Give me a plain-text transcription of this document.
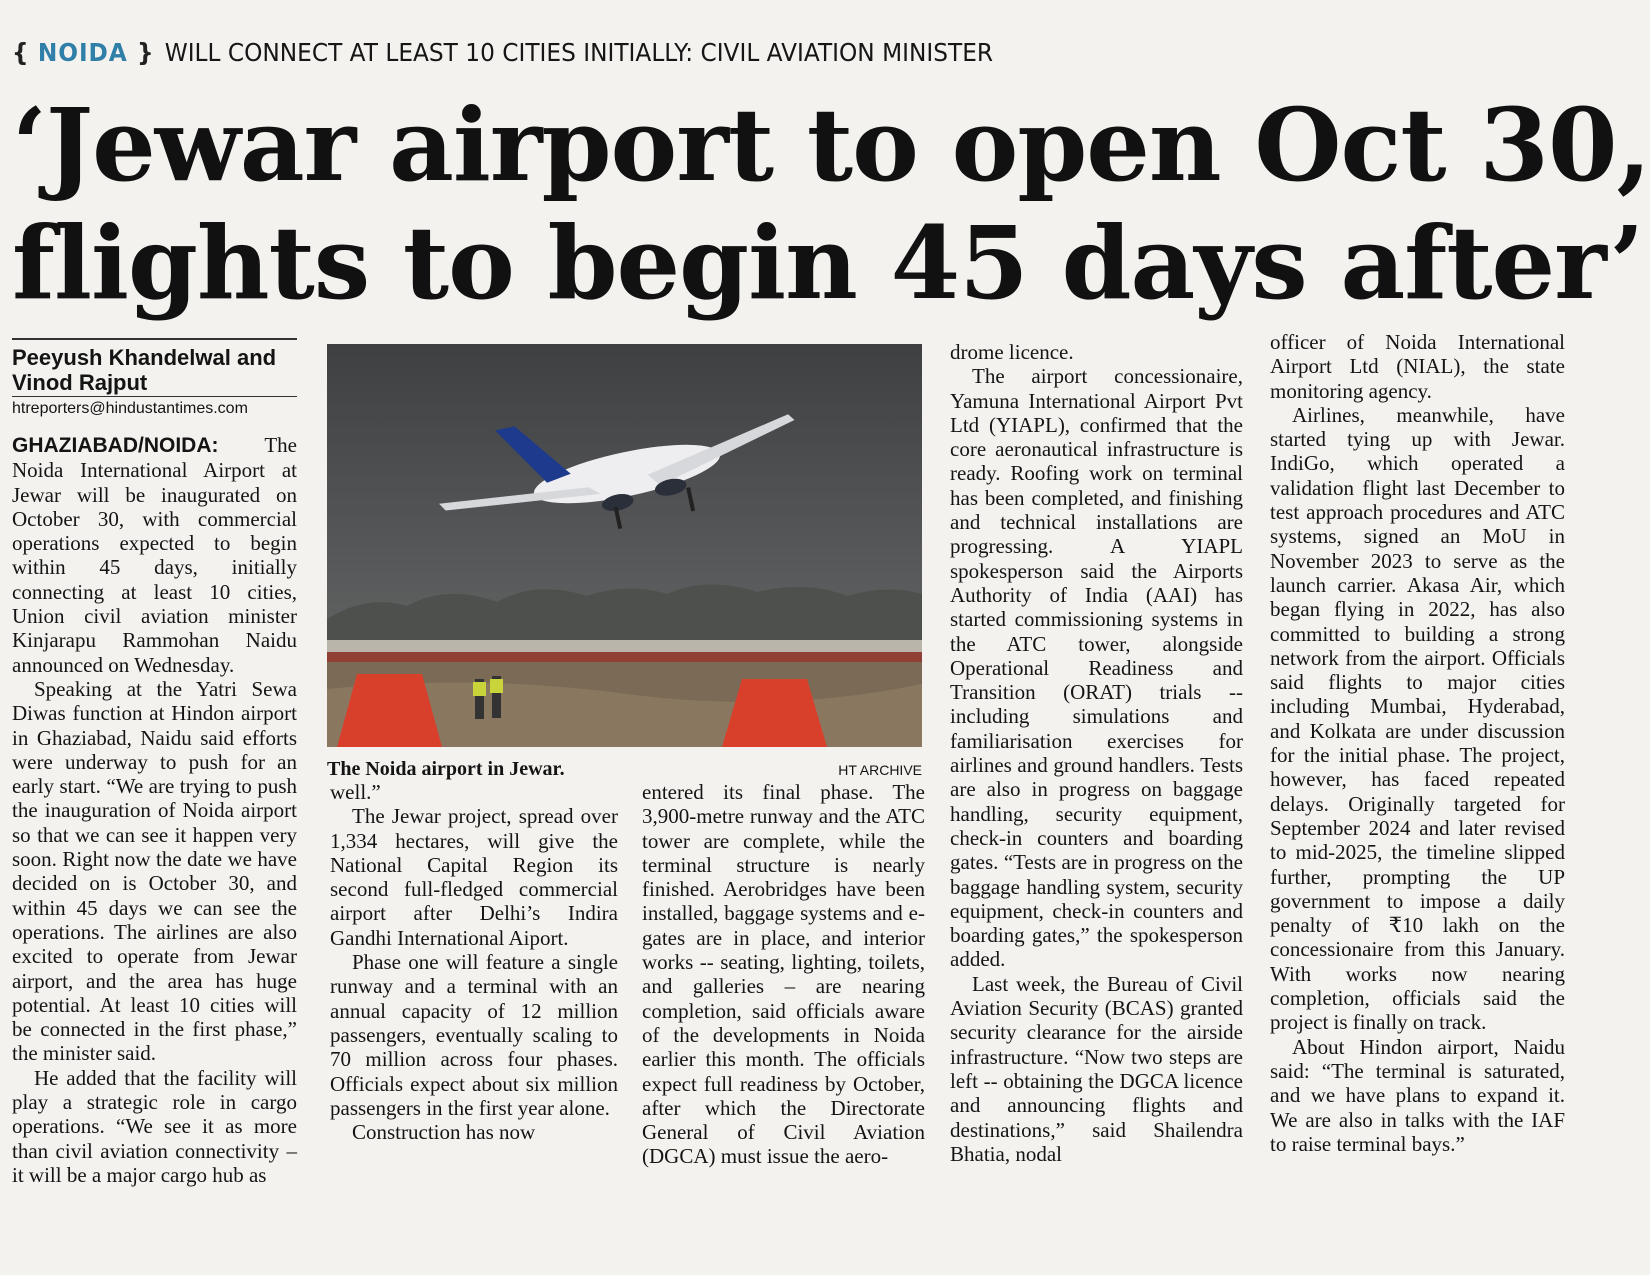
{ NOIDA } WILL CONNECT AT LEAST 10 CITIES INITIALLY: CIVIL AVIATION MINISTER
‘Jewar airport to open Oct 30,
flights to begin 45 days after’
Peeyush Khandelwal and Vinod Rajput
htreporters@hindustantimes.com

GHAZIABAD/NOIDA: The Noida International Airport at Jewar will be inaugurated on October 30, with commercial operations expected to begin within 45 days, initially connecting at least 10 cities, Union civil aviation minister Kinjarapu Rammohan Naidu announced on Wednesday.

Speaking at the Yatri Sewa Diwas function at Hindon airport in Ghaziabad, Naidu said efforts were underway to push for an early start. “We are trying to push the inauguration of Noida airport so that we can see it happen very soon. Right now the date we have decided on is October 30, and within 45 days we can see the operations. The airlines are also excited to operate from Jewar airport, and the area has huge potential. At least 10 cities will be connected in the first phase,” the minister said.

He added that the facility will play a strategic role in cargo operations. “We see it as more than civil aviation connectivity – it will be a major cargo hub as

The Noida airport in Jewar.	HT ARCHIVE

well.”

The Jewar project, spread over 1,334 hectares, will give the National Capital Region its second full-fledged commercial airport after Delhi’s Indira Gandhi International Aiport.

Phase one will feature a single runway and a terminal with an annual capacity of 12 million passengers, eventually scaling to 70 million across four phases. Officials expect about six million passengers in the first year alone.

Construction has now

entered its final phase. The 3,900-metre runway and the ATC tower are complete, while the terminal structure is nearly finished. Aerobridges have been installed, baggage systems and e-gates are in place, and interior works -- seating, lighting, toilets, and galleries – are nearing completion, said officials aware of the developments in Noida earlier this month. The officials expect full readiness by October, after which the Directorate General of Civil Aviation (DGCA) must issue the aero-

drome licence.

The airport concessionaire, Yamuna International Airport Pvt Ltd (YIAPL), confirmed that the core aeronautical infrastructure is ready. Roofing work on terminal has been completed, and finishing and technical installations are progressing. A YIAPL spokesperson said the Airports Authority of India (AAI) has started commissioning systems in the ATC tower, alongside Operational Readiness and Transition (ORAT) trials -- including simulations and familiarisation exercises for airlines and ground handlers. Tests are also in progress on baggage handling, security equipment, check-in counters and boarding gates. “Tests are in progress on the baggage handling system, security equipment, check-in counters and boarding gates,” the spokesperson added.

Last week, the Bureau of Civil Aviation Security (BCAS) granted security clearance for the airside infrastructure. “Now two steps are left -- obtaining the DGCA licence and announcing flights and destinations,” said Shailendra Bhatia, nodal

officer of Noida International Airport Ltd (NIAL), the state monitoring agency.

Airlines, meanwhile, have started tying up with Jewar. IndiGo, which operated a validation flight last December to test approach procedures and ATC systems, signed an MoU in November 2023 to serve as the launch carrier. Akasa Air, which began flying in 2022, has also committed to building a strong network from the airport. Officials said flights to major cities including Mumbai, Hyderabad, and Kolkata are under discussion for the initial phase. The project, however, has faced repeated delays. Originally targeted for September 2024 and later revised to mid-2025, the timeline slipped further, prompting the UP government to impose a daily penalty of ₹10 lakh on the concessionaire from this January. With works now nearing completion, officials said the project is finally on track.

About Hindon airport, Naidu said: “The terminal is saturated, and we have plans to expand it. We are also in talks with the IAF to raise terminal bays.”
